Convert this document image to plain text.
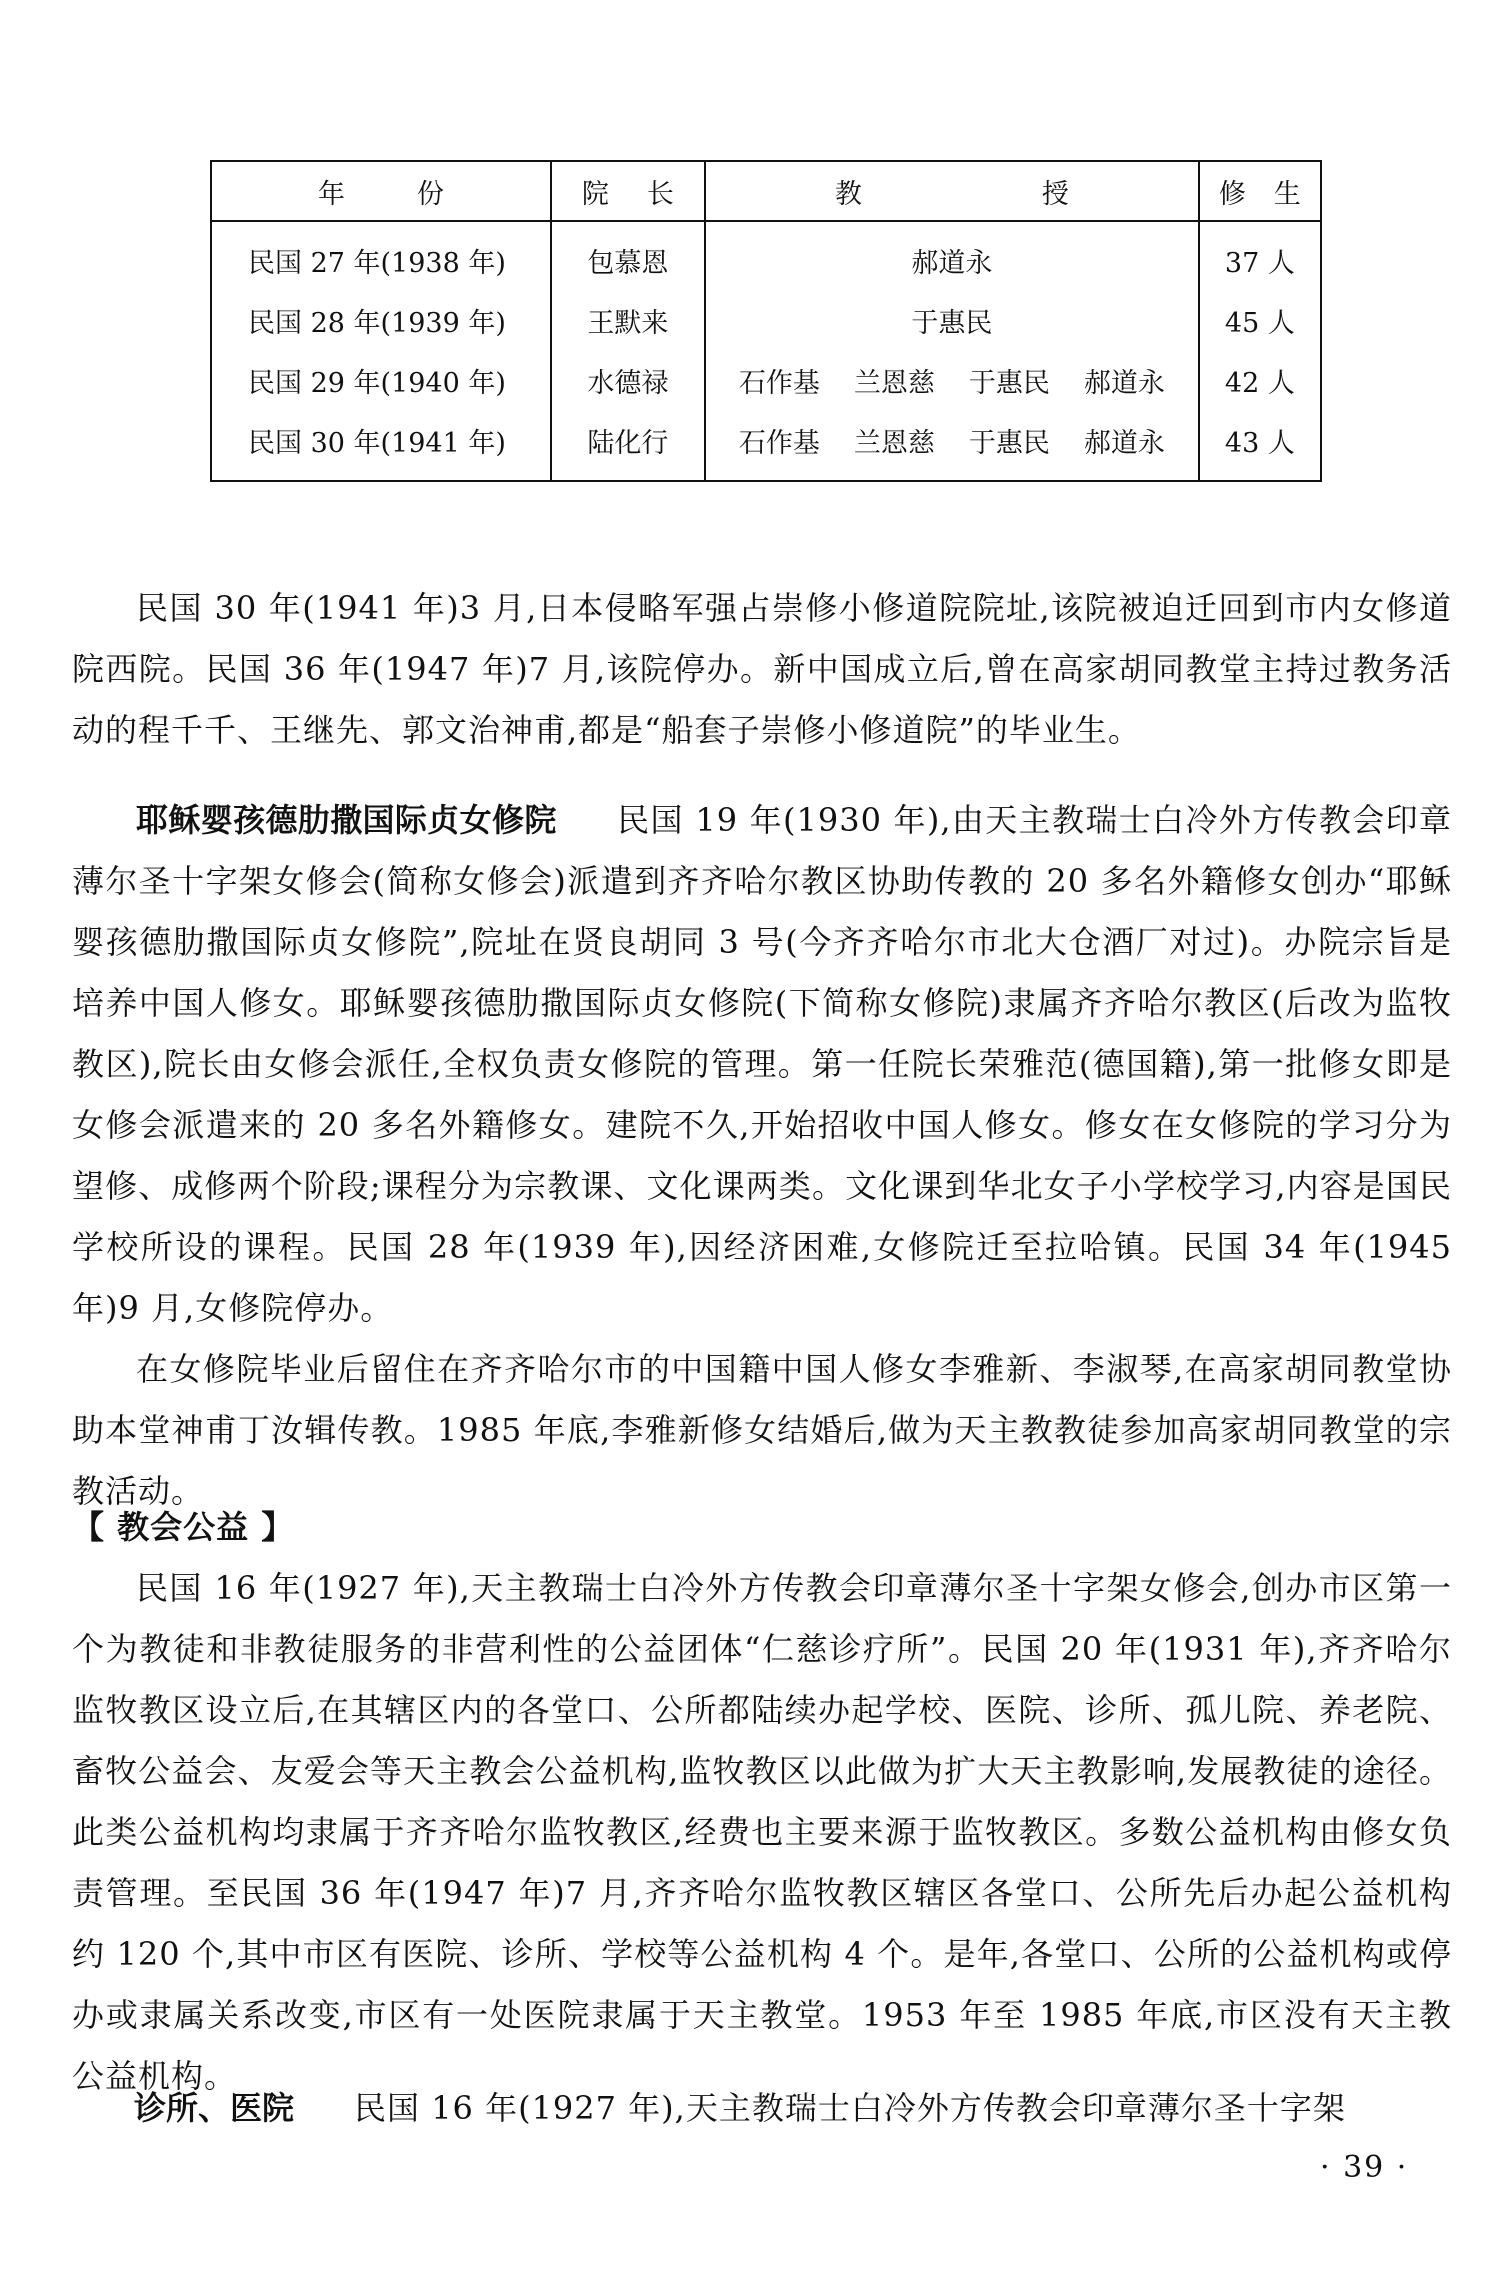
年 份	院 长	教 授	修 生
民国 27 年(1938 年)	包慕恩	郝道永	37 人
民国 28 年(1939 年)	王默来	于惠民	45 人
民国 29 年(1940 年)	水德禄	石作基 兰恩慈 于惠民 郝道永	42 人
民国 30 年(1941 年)	陆化行	石作基 兰恩慈 于惠民 郝道永	43 人

民国 30 年(1941 年)3 月,日本侵略军强占崇修小修道院院址,该院被迫迁回到市内女修道院西院。民国 36 年(1947 年)7 月,该院停办。新中国成立后,曾在高家胡同教堂主持过教务活动的程千千、王继先、郭文治神甫,都是“船套子崇修小修道院”的毕业生。

耶稣婴孩德肋撒国际贞女修院 民国 19 年(1930 年),由天主教瑞士白冷外方传教会印章薄尔圣十字架女修会(简称女修会)派遣到齐齐哈尔教区协助传教的 20 多名外籍修女创办“耶稣婴孩德肋撒国际贞女修院”,院址在贤良胡同 3 号(今齐齐哈尔市北大仓酒厂对过)。办院宗旨是培养中国人修女。耶稣婴孩德肋撒国际贞女修院(下简称女修院)隶属齐齐哈尔教区(后改为监牧教区),院长由女修会派任,全权负责女修院的管理。第一任院长荣雅范(德国籍),第一批修女即是女修会派遣来的 20 多名外籍修女。建院不久,开始招收中国人修女。修女在女修院的学习分为望修、成修两个阶段;课程分为宗教课、文化课两类。文化课到华北女子小学校学习,内容是国民学校所设的课程。民国 28 年(1939 年),因经济困难,女修院迁至拉哈镇。民国 34 年(1945 年)9 月,女修院停办。

在女修院毕业后留住在齐齐哈尔市的中国籍中国人修女李雅新、李淑琴,在高家胡同教堂协助本堂神甫丁汝辑传教。1985 年底,李雅新修女结婚后,做为天主教教徒参加高家胡同教堂的宗教活动。

【 教会公益 】

民国 16 年(1927 年),天主教瑞士白冷外方传教会印章薄尔圣十字架女修会,创办市区第一个为教徒和非教徒服务的非营利性的公益团体“仁慈诊疗所”。民国 20 年(1931 年),齐齐哈尔监牧教区设立后,在其辖区内的各堂口、公所都陆续办起学校、医院、诊所、孤儿院、养老院、畜牧公益会、友爱会等天主教会公益机构,监牧教区以此做为扩大天主教影响,发展教徒的途径。此类公益机构均隶属于齐齐哈尔监牧教区,经费也主要来源于监牧教区。多数公益机构由修女负责管理。至民国 36 年(1947 年)7 月,齐齐哈尔监牧教区辖区各堂口、公所先后办起公益机构约 120 个,其中市区有医院、诊所、学校等公益机构 4 个。是年,各堂口、公所的公益机构或停办或隶属关系改变,市区有一处医院隶属于天主教堂。1953 年至 1985 年底,市区没有天主教公益机构。

诊所、医院 民国 16 年(1927 年),天主教瑞士白冷外方传教会印章薄尔圣十字架

· 39 ·
